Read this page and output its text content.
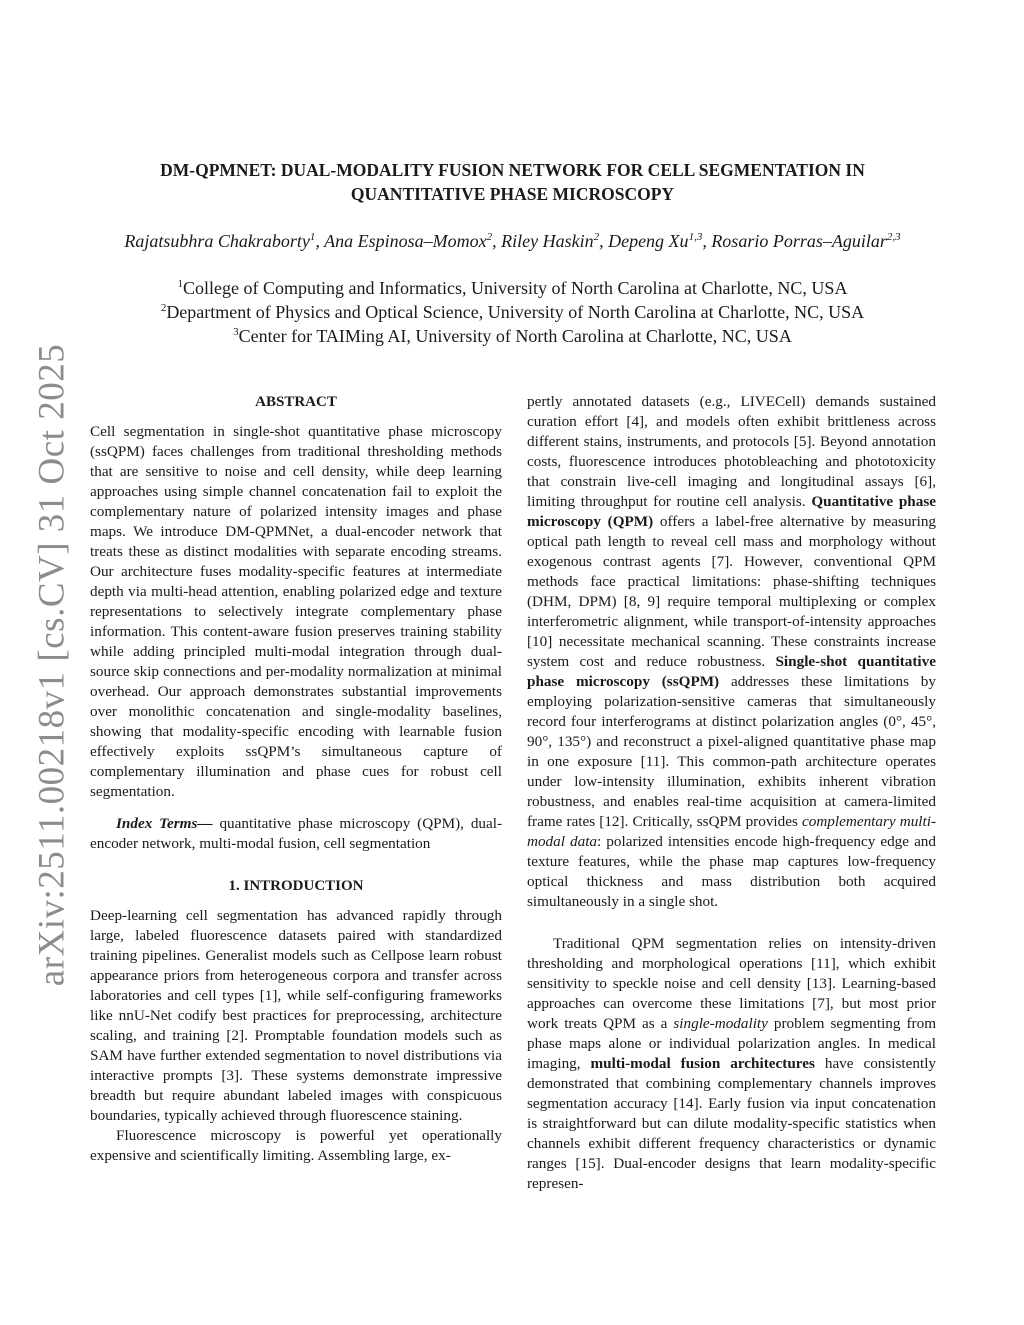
arXiv:2511.00218v1 [cs.CV] 31 Oct 2025
DM-QPMNET: DUAL-MODALITY FUSION NETWORK FOR CELL SEGMENTATION IN
QUANTITATIVE PHASE MICROSCOPY
Rajatsubhra Chakraborty$^1$, Ana Espinosa–Momox$^2$, Riley Haskin$^2$, Depeng Xu$^{1,3}$, Rosario Porras–Aguilar$^{2,3}$
$^1$College of Computing and Informatics, University of North Carolina at Charlotte, NC, USA
$^2$Department of Physics and Optical Science, University of North Carolina at Charlotte, NC, USA
$^3$Center for TAIMing AI, University of North Carolina at Charlotte, NC, USA
ABSTRACT

Cell segmentation in single-shot quantitative phase microscopy (ssQPM) faces challenges from traditional thresholding methods that are sensitive to noise and cell density, while deep learning approaches using simple channel concatenation fail to exploit the complementary nature of polarized intensity images and phase maps. We introduce DM-QPMNet, a dual-encoder network that treats these as distinct modalities with separate encoding streams. Our architecture fuses modality-specific features at intermediate depth via multi-head attention, enabling polarized edge and texture representations to selectively integrate complementary phase information. This content-aware fusion preserves training stability while adding principled multi-modal integration through dual-source skip connections and per-modality normalization at minimal overhead. Our approach demonstrates substantial improvements over monolithic concatenation and single-modality baselines, showing that modality-specific encoding with learnable fusion effectively exploits ssQPM’s simultaneous capture of complementary illumination and phase cues for robust cell segmentation.

Index Terms— quantitative phase microscopy (QPM), dual-encoder network, multi-modal fusion, cell segmentation

1. INTRODUCTION

Deep-learning cell segmentation has advanced rapidly through large, labeled fluorescence datasets paired with standardized training pipelines. Generalist models such as Cellpose learn robust appearance priors from heterogeneous corpora and transfer across laboratories and cell types [1], while self-configuring frameworks like nnU-Net codify best practices for preprocessing, architecture scaling, and training [2]. Promptable foundation models such as SAM have further extended segmentation to novel distributions via interactive prompts [3]. These systems demonstrate impressive breadth but require abundant labeled images with conspicuous boundaries, typically achieved through fluorescence staining.

Fluorescence microscopy is powerful yet operationally expensive and scientifically limiting. Assembling large, ex-

pertly annotated datasets (e.g., LIVECell) demands sustained curation effort [4], and models often exhibit brittleness across different stains, instruments, and protocols [5]. Beyond annotation costs, fluorescence introduces photobleaching and phototoxicity that constrain live-cell imaging and longitudinal assays [6], limiting throughput for routine cell analysis. Quantitative phase microscopy (QPM) offers a label-free alternative by measuring optical path length to reveal cell mass and morphology without exogenous contrast agents [7]. However, conventional QPM methods face practical limitations: phase-shifting techniques (DHM, DPM) [8, 9] require temporal multiplexing or complex interferometric alignment, while transport-of-intensity approaches [10] necessitate mechanical scanning. These constraints increase system cost and reduce robustness. Single-shot quantitative phase microscopy (ssQPM) addresses these limitations by employing polarization-sensitive cameras that simultaneously record four interferograms at distinct polarization angles (0°, 45°, 90°, 135°) and reconstruct a pixel-aligned quantitative phase map in one exposure [11]. This common-path architecture operates under low-intensity illumination, exhibits inherent vibration robustness, and enables real-time acquisition at camera-limited frame rates [12]. Critically, ssQPM provides complementary multi-modal data: polarized intensities encode high-frequency edge and texture features, while the phase map captures low-frequency optical thickness and mass distribution both acquired simultaneously in a single shot.

Traditional QPM segmentation relies on intensity-driven thresholding and morphological operations [11], which exhibit sensitivity to speckle noise and cell density [13]. Learning-based approaches can overcome these limitations [7], but most prior work treats QPM as a single-modality problem segmenting from phase maps alone or individual polarization angles. In medical imaging, multi-modal fusion architectures have consistently demonstrated that combining complementary channels improves segmentation accuracy [14]. Early fusion via input concatenation is straightforward but can dilute modality-specific statistics when channels exhibit different frequency characteristics or dynamic ranges [15]. Dual-encoder designs that learn modality-specific represen-
